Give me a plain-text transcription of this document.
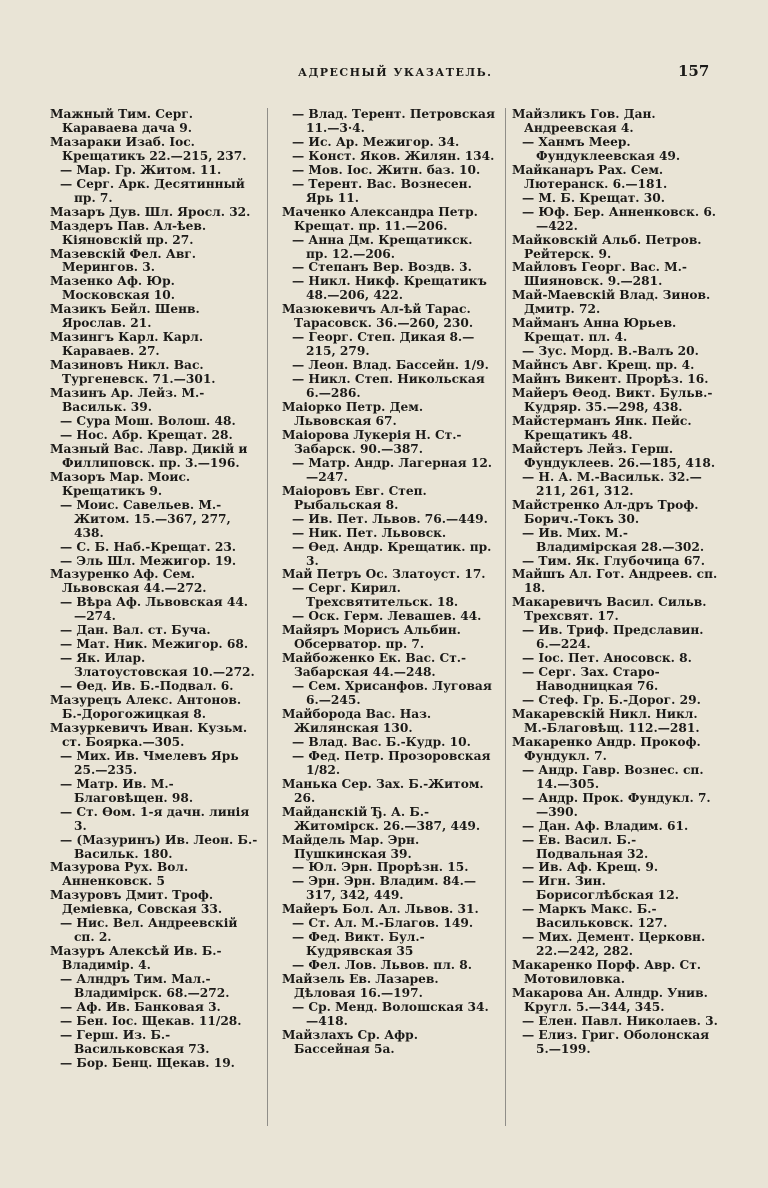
АДРЕСНЫЙ УКАЗАТЕЛЬ.	157
Мажный Тим. Серг. Караваева дача 9.
Мазараки Изаб. Іос. Крещатикъ 22.—215, 237.
— Мар. Гр. Житом. 11.
— Серг. Арк. Десятинный пр. 7.
Мазаръ Дув. Шл. Яросл. 32.
Маздеръ Пав. Ал-ѣев. Кіяновскій пр. 27.
Мазевскій Фел. Авг. Мерингов. 3.
Мазенко Аф. Юр. Московская 10.
Мазикъ Бейл. Шенв. Ярослав. 21.
Мазингъ Карл. Карл. Караваев. 27.
Мазиновъ Никл. Вас. Тургеневск. 71.—301.
Мазинъ Ар. Лейз. М.-Васильк. 39.
— Сура Мош. Волош. 48.
— Нос. Абр. Крещат. 28.
Мазный Вас. Лавр. Дикій и Филлиповск. пр. 3.—196.
Мазоръ Мар. Моис. Крещатикъ 9.
— Моис. Савельев. М.-Житом. 15.—367, 277, 438.
— С. Б. Наб.-Крещат. 23.
— Эль Шл. Межигор. 19.
Мазуренко Аф. Сем. Львовская 44.—272.
— Вѣра Аф. Львовская 44.—274.
— Дан. Вал. ст. Буча.
— Мат. Ник. Межигор. 68.
— Як. Илар. Златоустовская 10.—272.
— Ѳед. Ив. Б.-Подвал. 6.
Мазурецъ Алекс. Антонов. Б.-Дорогожицкая 8.
Мазуркевичъ Иван. Кузьм. ст. Боярка.—305.
— Мих. Ив. Чмелевъ Ярь 25.—235.
— Матр. Ив. М.-Благовѣщен. 98.
— Ст. Ѳом. 1-я дачн. линія 3.
— (Мазуринъ) Ив. Леон. Б.-Васильк. 180.
Мазурова Рух. Вол. Анненковск. 5
Мазуровъ Дмит. Троф. Деміевка, Совская 33.
— Нис. Вел. Андреевскій сп. 2.
Мазуръ Алексѣй Ив. Б.-Владимір. 4.
— Алндръ Тим. Мал.-Владимірск. 68.—272.
— Аф. Ив. Банковая 3.
— Бен. Іос. Щекав. 11/28.
— Герш. Из. Б.-Васильковская 73.
— Бор. Бенц. Щекав. 19.
— Влад. Терент. Петровская 11.—3·4.
— Ис. Ар. Межигор. 34.
— Конст. Яков. Жилян. 134.
— Мов. Іос. Житн. баз. 10.
— Терент. Вас. Вознесен. Ярь 11.
Маченко Александра Петр. Крещат. пр. 11.—206.
— Анна Дм. Крещатикск. пр. 12.—206.
— Степанъ Вер. Воздв. 3.
— Никл. Никф. Крещатикъ 48.—206, 422.
Мазюкевичъ Ал-ѣй Тарас. Тарасовск. 36.—260, 230.
— Георг. Степ. Дикая 8.—215, 279.
— Леон. Влад. Бассейн. 1/9.
— Никл. Степ. Никольская 6.—286.
Маіорко Петр. Дем. Львовская 67.
Маіорова Лукерія Н. Ст.-Забарск. 90.—387.
— Матр. Андр. Лагерная 12.—247.
Маіоровъ Евг. Степ. Рыбальская 8.
— Ив. Пет. Львов. 76.—449.
— Ник. Пет. Львовск.
— Ѳед. Андр. Крещатик. пр. 3.
Май Петръ Ос. Златоуст. 17.
— Серг. Кирил. Трехсвятительск. 18.
— Оск. Герм. Левашев. 44.
Майяръ Морисъ Альбин. Обсерватор. пр. 7.
Майбоженко Ек. Вас. Ст.-Забарская 44.—248.
— Сем. Хрисанфов. Луговая 6.—245.
Майборода Вас. Наз. Жилянская 130.
— Влад. Вас. Б.-Кудр. 10.
— Фед. Петр. Прозоровская 1/82.
Манька Сер. Зах. Б.-Житом. 26.
Майданскій Ђ. А. Б.-Житомірск. 26.—387, 449.
Майдель Мар. Эрн. Пушкинская 39.
— Юл. Эрн. Прорѣзн. 15.
— Эрн. Эрн. Владим. 84.—317, 342, 449.
Майеръ Бол. Ал. Львов. 31.
— Ст. Ал. М.-Благов. 149.
— Фед. Викт. Бул.-Кудрявская 35
— Фел. Лов. Львов. пл. 8.
Майзель Ев. Лазарев. Дѣловая 16.—197.
— Ср. Менд. Волошская 34.—418.
Майзлахъ Ср. Афр. Бассейная 5а.
Майзликъ Гов. Дан. Андреевская 4.
— Ханмъ Меер. Фундуклеевская 49.
Майканаръ Рах. Сем. Лютеранск. 6.—181.
— М. Б. Крещат. 30.
— Юф. Бер. Анненковск. 6.—422.
Майковскій Альб. Петров. Рейтерск. 9.
Майловъ Георг. Вас. М.-Шияновск. 9.—281.
Май-Маевскій Влад. Зинов. Дмитр. 72.
Майманъ Анна Юрьев. Крещат. пл. 4.
— Зус. Морд. В.-Валъ 20.
Майнсъ Авг. Крещ. пр. 4.
Майнъ Викент. Прорѣз. 16.
Майеръ Ѳеод. Викт. Бульв.-Кудряр. 35.—298, 438.
Майстерманъ Янк. Пейс. Крещатикъ 48.
Майстеръ Лейз. Герш. Фундуклеев. 26.—185, 418.
— Н. А. М.-Васильк. 32.—211, 261, 312.
Майстренко Ал-дръ Троф. Борич.-Токъ 30.
— Ив. Мих. М.-Владимірская 28.—302.
— Тим. Як. Глубочица 67.
Майшъ Ал. Гот. Андреев. сп. 18.
Макаревичъ Васил. Сильв. Трехсвят. 17.
— Ив. Триф. Предславин. 6.—224.
— Іос. Пет. Аносовск. 8.
— Серг. Зах. Старо-Наводницкая 76.
— Стеф. Гр. Б.-Дорог. 29.
Макаревскій Никл. Никл. М.-Благовѣщ. 112.—281.
Макаренко Андр. Прокоф. Фундукл. 7.
— Андр. Гавр. Вознес. сп. 14.—305.
— Андр. Прок. Фундукл. 7.—390.
— Дан. Аф. Владим. 61.
— Ев. Васил. Б.-Подвальная 32.
— Ив. Аф. Крещ. 9.
— Игн. Зин. Борисоглѣбская 12.
— Маркъ Макс. Б.-Васильковск. 127.
— Мих. Демент. Церковн. 22.—242, 282.
Макаренко Порф. Авр. Ст. Мотовиловка.
Макарова Ан. Алндр. Унив. Кругл. 5.—344, 345.
— Елен. Павл. Николаев. 3.
— Елиз. Григ. Оболонская 5.—199.
